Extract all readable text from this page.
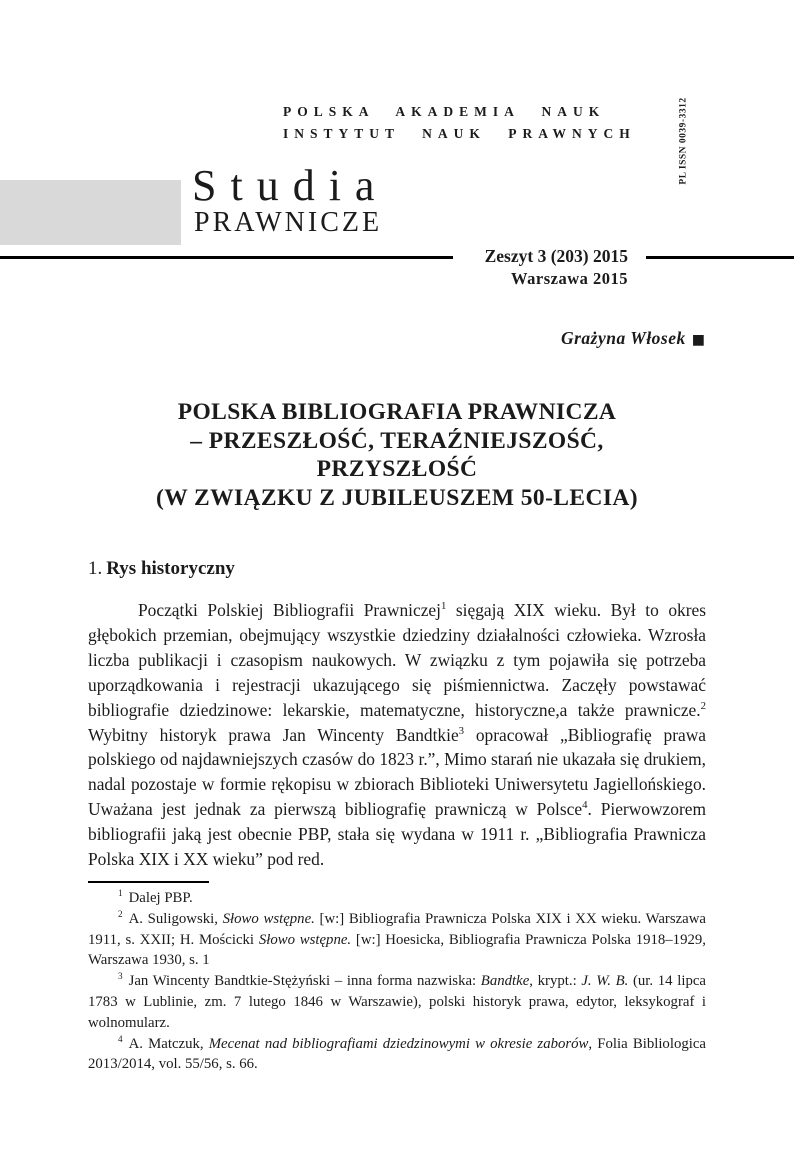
POLSKA AKADEMIA NAUK
INSTYTUT NAUK PRAWNYCH	PL ISSN 0039-3312
Studia
PRAWNICZE
Zeszyt 3 (203) 2015
Warszawa 2015
Grażyna Włosek ■
POLSKA BIBLIOGRAFIA PRAWNICZA
– PRZESZŁOŚĆ, TERAŹNIEJSZOŚĆ,
PRZYSZŁOŚĆ
(W ZWIĄZKU Z JUBILEUSZEM 50-LECIA)
1. Rys historyczny

Początki Polskiej Bibliografii Prawniczej$^1$ sięgają XIX wieku. Był to okres głębokich przemian, obejmujący wszystkie dziedziny działalności człowieka. Wzrosła liczba publikacji i czasopism naukowych. W związku z tym pojawiła się potrzeba uporządkowania i rejestracji ukazującego się piśmiennictwa. Zaczęły powstawać bibliografie dziedzinowe: lekarskie, matematyczne, historyczne,a także prawnicze.$^2$ Wybitny historyk prawa Jan Wincenty Bandtkie$^3$ opracował „Bibliografię prawa polskiego od najdawniejszych czasów do 1823 r.”, Mimo starań nie ukazała się drukiem, nadal pozostaje w formie rękopisu w zbiorach Biblioteki Uniwersytetu Jagiellońskiego. Uważana jest jednak za pierwszą bibliografię prawniczą w Polsce$^4$. Pierwowzorem bibliografii jaką jest obecnie PBP, stała się wydana w 1911 r. „Bibliografia Prawnicza Polska XIX i XX wieku” pod red.

$^1$ Dalej PBP.

$^2$ A. Suligowski, Słowo wstępne. [w:] Bibliografia Prawnicza Polska XIX i XX wieku. Warszawa 1911, s. XXII; H. Mościcki Słowo wstępne. [w:] Hoesicka, Bibliografia Prawnicza Polska 1918–1929, Warszawa 1930, s. 1

$^3$ Jan Wincenty Bandtkie-Stężyński – inna forma nazwiska: Bandtke, krypt.: J. W. B. (ur. 14 lipca 1783 w Lublinie, zm. 7 lutego 1846 w Warszawie), polski historyk prawa, edytor, leksykograf i wolnomularz.

$^4$ A. Matczuk, Mecenat nad bibliografiami dziedzinowymi w okresie zaborów, Folia Bibliologica 2013/2014, vol. 55/56, s. 66.
